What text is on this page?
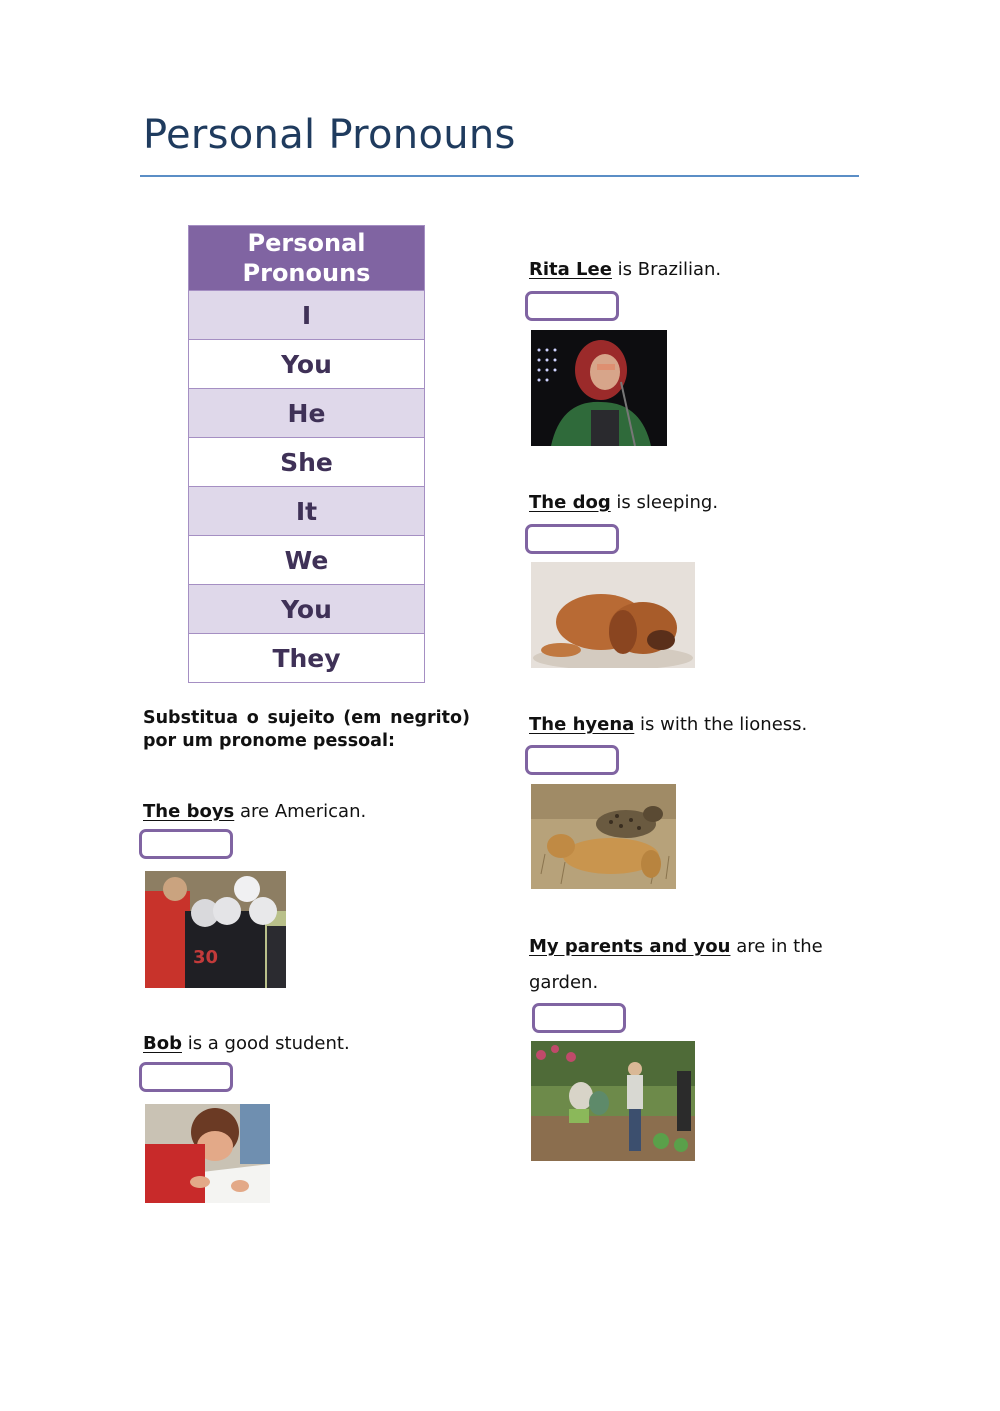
Personal Pronouns
Personal
Pronouns
I
You
He
She
It
We
You
They
Substitua o sujeito (em negrito) por um pronome pessoal:
The boys are American.
30
Bob is a good student.
Rita Lee is Brazilian.
The dog is sleeping.
The hyena is with the lioness.
My parents and you are in the garden.
